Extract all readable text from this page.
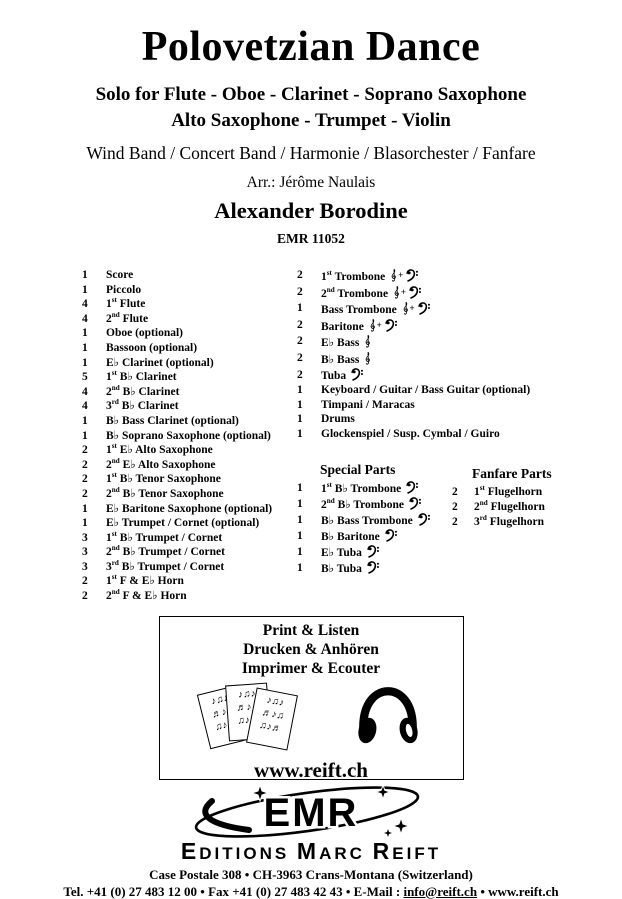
Polovetzian Dance
Solo for Flute - Oboe - Clarinet - Soprano Saxophone
Alto Saxophone - Trumpet - Violin
Wind Band / Concert Band / Harmonie / Blasorchester / Fanfare
Arr.: Jérôme Naulais
Alexander Borodine
EMR 11052
1	Score
1	Piccolo
4	1st Flute
4	2nd Flute
1	Oboe (optional)
1	Bassoon (optional)
1	E♭ Clarinet (optional)
5	1st B♭ Clarinet
4	2nd B♭ Clarinet
4	3rd B♭ Clarinet
1	B♭ Bass Clarinet (optional)
1	B♭ Soprano Saxophone (optional)
2	1st E♭ Alto Saxophone
2	2nd E♭ Alto Saxophone
2	1st B♭ Tenor Saxophone
2	2nd B♭ Tenor Saxophone
1	E♭ Baritone Saxophone (optional)
1	E♭ Trumpet / Cornet (optional)
3	1st B♭ Trumpet / Cornet
3	2nd B♭ Trumpet / Cornet
3	3rd B♭ Trumpet / Cornet
2	1st F & E♭ Horn
2	2nd F & E♭ Horn
2	1st Trombone +
2	2nd Trombone +
1	Bass Trombone +
2	Baritone +
2	E♭ Bass
2	B♭ Bass
2	Tuba
1	Keyboard / Guitar / Bass Guitar (optional)
1	Timpani / Maracas
1	Drums
1	Glockenspiel / Susp. Cymbal / Guiro
Special Parts
1	1st B♭ Trombone
1	2nd B♭ Trombone
1	B♭ Bass Trombone
1	B♭ Baritone
1	E♭ Tuba
1	B♭ Tuba
Fanfare Parts
2	1st Flugelhorn
2	2nd Flugelhorn
2	3rd Flugelhorn
Print & Listen
Drucken & Anhören
Imprimer & Ecouter
♪♫♪ ♬♪♫ ♫♪♬
♪♫♪ ♬♪♫ ♫♪♬
♪♫♪ ♬♪♫ ♫♪♬
www.reift.ch
EMR
EDITIONS MARC REIFT
Case Postale 308 • CH-3963 Crans-Montana (Switzerland)
Tel. +41 (0) 27 483 12 00 • Fax +41 (0) 27 483 42 43 • E-Mail : info@reift.ch • www.reift.ch
